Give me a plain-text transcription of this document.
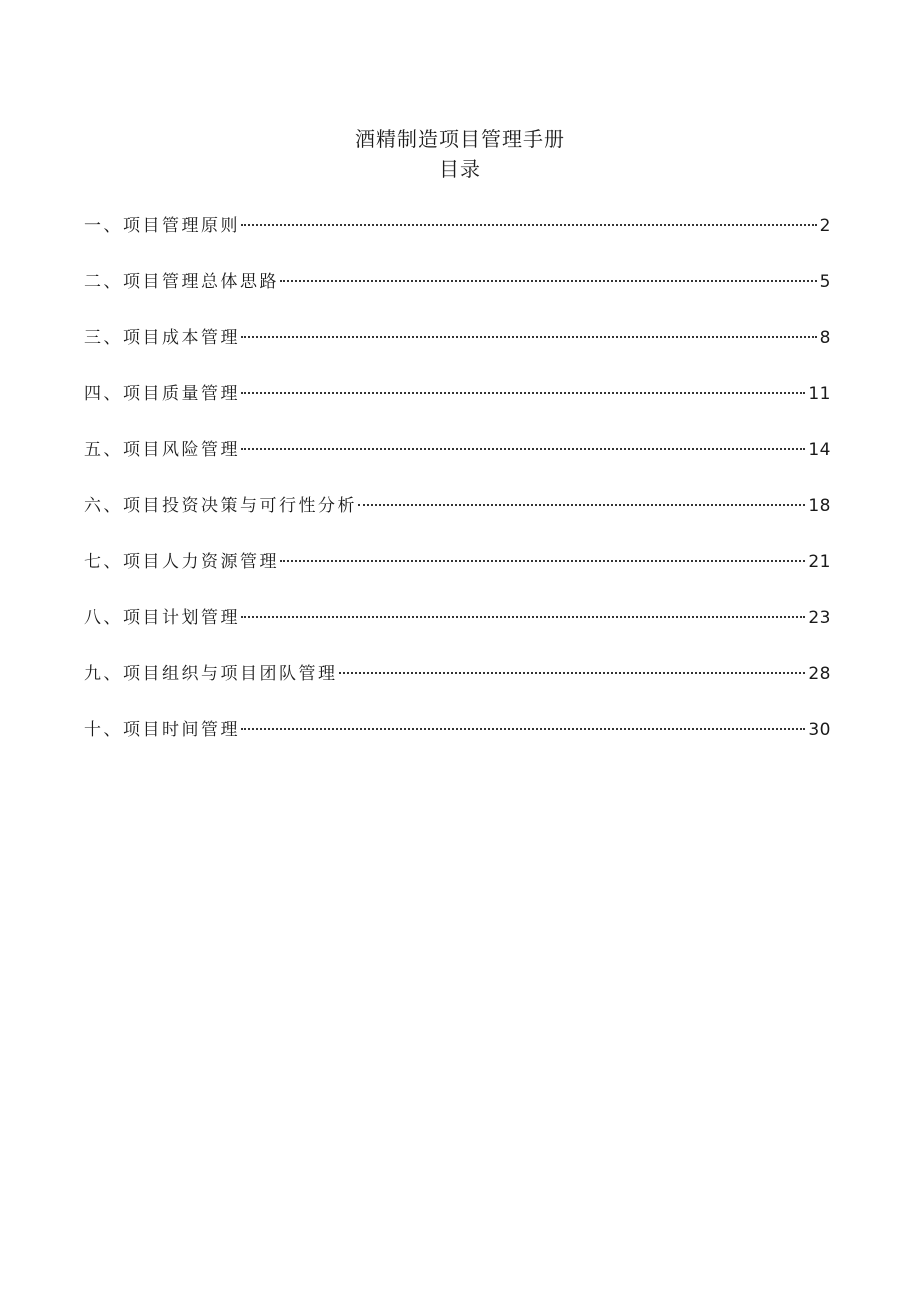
酒精制造项目管理手册
目录
一、项目管理原则	2
二、项目管理总体思路	5
三、项目成本管理	8
四、项目质量管理	11
五、项目风险管理	14
六、项目投资决策与可行性分析	18
七、项目人力资源管理	21
八、项目计划管理	23
九、项目组织与项目团队管理	28
十、项目时间管理	30
